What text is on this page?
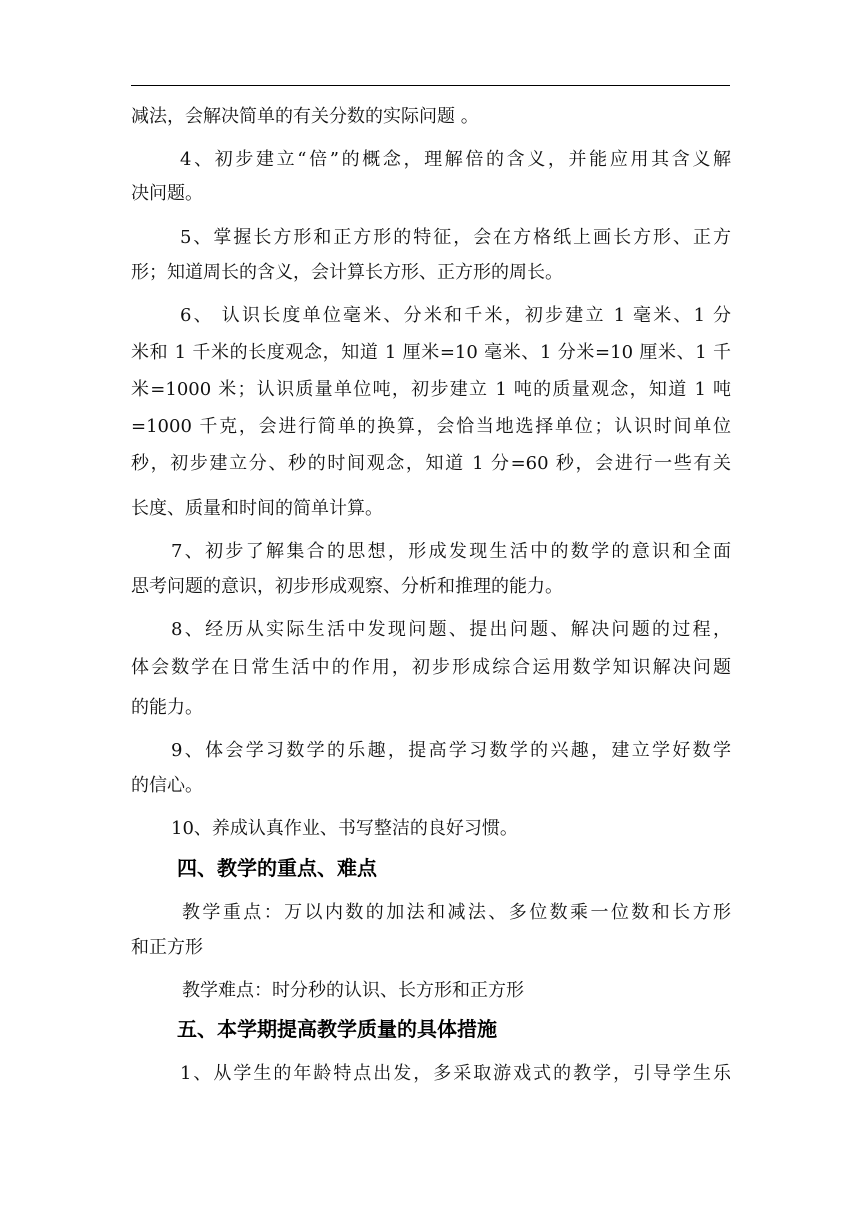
减法，会解决简单的有关分数的实际问题 。
4、初步建立“倍”的概念，理解倍的含义，并能应用其含义解
决问题。
5、掌握长方形和正方形的特征，会在方格纸上画长方形、正方
形；知道周长的含义，会计算长方形、正方形的周长。
6、 认识长度单位毫米、分米和千米，初步建立 1 毫米、1 分
米和 1 千米的长度观念，知道 1 厘米=10 毫米、1 分米=10 厘米、1 千
米=1000 米；认识质量单位吨，初步建立 1 吨的质量观念，知道 1 吨
=1000 千克，会进行简单的换算，会恰当地选择单位；认识时间单位
秒，初步建立分、秒的时间观念，知道 1 分=60 秒，会进行一些有关
长度、质量和时间的简单计算。
7、初步了解集合的思想，形成发现生活中的数学的意识和全面
思考问题的意识，初步形成观察、分析和推理的能力。
8、经历从实际生活中发现问题、提出问题、解决问题的过程，
体会数学在日常生活中的作用，初步形成综合运用数学知识解决问题
的能力。
9、体会学习数学的乐趣，提高学习数学的兴趣，建立学好数学
的信心。
10、养成认真作业、书写整洁的良好习惯。
四、教学的重点、难点
教学重点：万以内数的加法和减法、多位数乘一位数和长方形
和正方形
教学难点：时分秒的认识、长方形和正方形
五、本学期提高教学质量的具体措施
1、从学生的年龄特点出发，多采取游戏式的教学，引导学生乐
